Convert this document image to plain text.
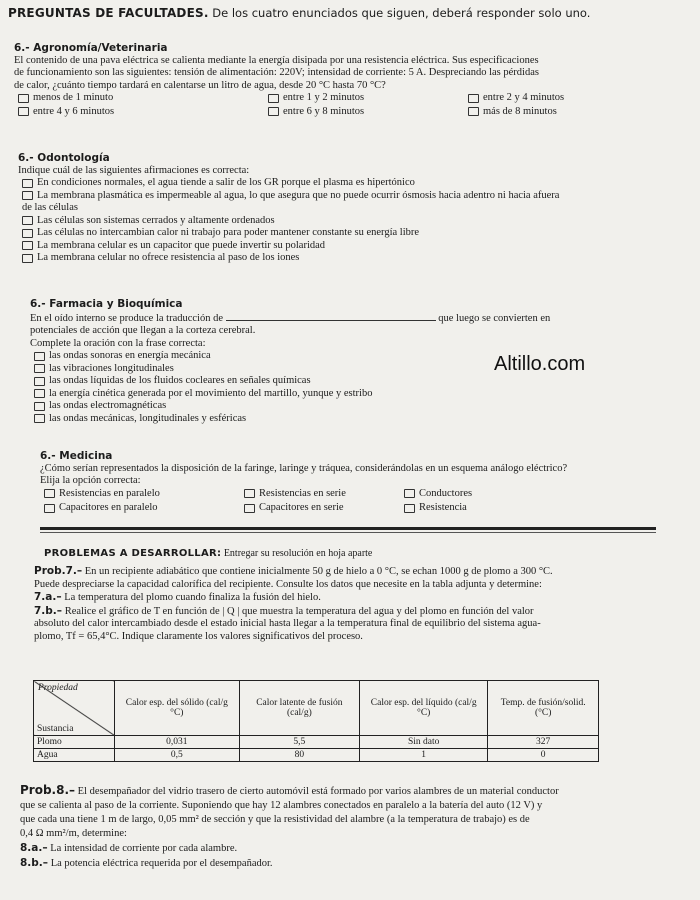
PREGUNTAS DE FACULTADES. De los cuatro enunciados que siguen, deberá responder solo uno.
6.- Agronomía/Veterinaria
El contenido de una pava eléctrica se calienta mediante la energía disipada por una resistencia eléctrica. Sus especificaciones
de funcionamiento son las siguientes: tensión de alimentación: 220V; intensidad de corriente: 5 A. Despreciando las pérdidas
de calor, ¿cuánto tiempo tardará en calentarse un litro de agua, desde 20 °C hasta 70 °C?
menos de 1 minuto	entre 1 y 2 minutos	entre 2 y 4 minutos
entre 4 y 6 minutos	entre 6 y 8 minutos	más de 8 minutos
6.- Odontología
Indique cuál de las siguientes afirmaciones es correcta:
En condiciones normales, el agua tiende a salir de los GR porque el plasma es hipertónico
La membrana plasmática es impermeable al agua, lo que asegura que no puede ocurrir ósmosis hacia adentro ni hacia afuera
de las células
Las células son sistemas cerrados y altamente ordenados
Las células no intercambian calor ni trabajo para poder mantener constante su energía libre
La membrana celular es un capacitor que puede invertir su polaridad
La membrana celular no ofrece resistencia al paso de los iones
6.- Farmacia y Bioquímica
En el oído interno se produce la traducción de	que luego se convierten en
potenciales de acción que llegan a la corteza cerebral.
Complete la oración con la frase correcta:
las ondas sonoras en energía mecánica
las vibraciones longitudinales
las ondas líquidas de los fluidos cocleares en señales químicas
la energía cinética generada por el movimiento del martillo, yunque y estribo
las ondas electromagnéticas
las ondas mecánicas, longitudinales y esféricas
Altillo.com
6.- Medicina
¿Cómo serían representados la disposición de la faringe, laringe y tráquea, considerándolas en un esquema análogo eléctrico?
Elija la opción correcta:
Resistencias en paralelo	Resistencias en serie	Conductores
Capacitores en paralelo	Capacitores en serie	Resistencia
PROBLEMAS A DESARROLLAR: Entregar su resolución en hoja aparte
Prob.7.– En un recipiente adiabático que contiene inicialmente 50 g de hielo a 0 °C, se echan 1000 g de plomo a 300 °C.
Puede despreciarse la capacidad calorífica del recipiente. Consulte los datos que necesite en la tabla adjunta y determine:
7.a.– La temperatura del plomo cuando finaliza la fusión del hielo.
7.b.– Realice el gráfico de T en función de | Q | que muestra la temperatura del agua y del plomo en función del valor
absoluto del calor intercambiado desde el estado inicial hasta llegar a la temperatura final de equilibrio del sistema agua-
plomo, Tf = 65,4°C. Indique claramente los valores significativos del proceso.
Propiedad
Sustancia	Calor esp. del sólido (cal/g °C)	Calor latente de fusión (cal/g)	Calor esp. del líquido (cal/g °C)	Temp. de fusión/solid. (°C)
Plomo	0,031	5,5	Sin dato	327
Agua	0,5	80	1	0
Prob.8.– El desempañador del vidrio trasero de cierto automóvil está formado por varios alambres de un material conductor
que se calienta al paso de la corriente. Suponiendo que hay 12 alambres conectados en paralelo a la batería del auto (12 V) y
que cada una tiene 1 m de largo, 0,05 mm² de sección y que la resistividad del alambre (a la temperatura de trabajo) es de
0,4 Ω mm²/m, determine:
8.a.– La intensidad de corriente por cada alambre.
8.b.– La potencia eléctrica requerida por el desempañador.
